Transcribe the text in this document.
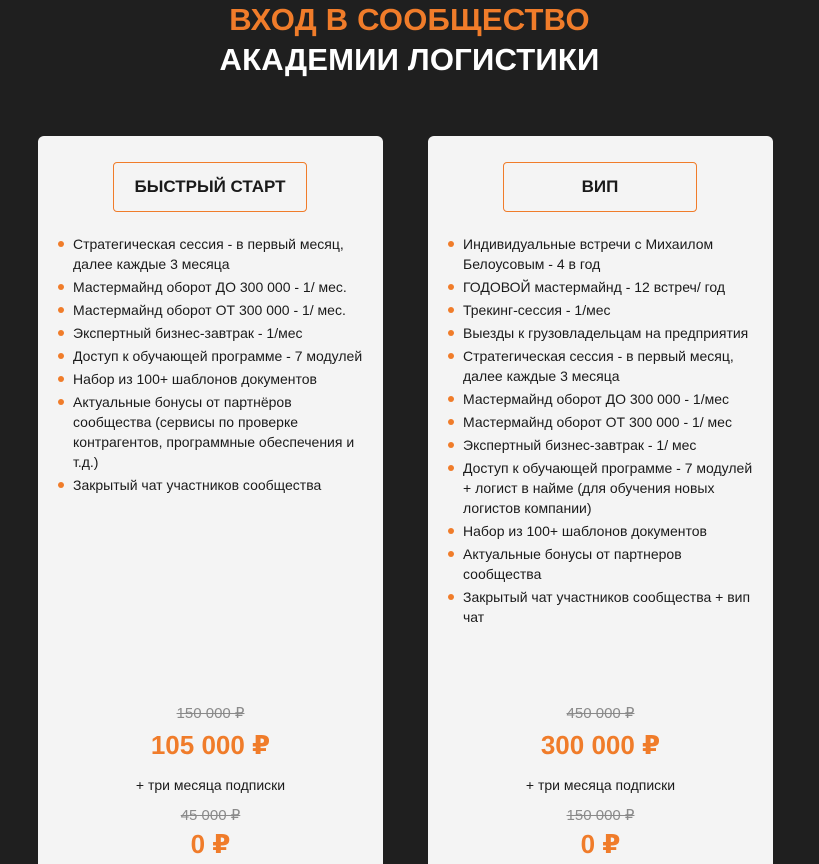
ВХОД В СООБЩЕСТВО
АКАДЕМИИ ЛОГИСТИКИ
БЫСТРЫЙ СТАРТ
Стратегическая сессия - в первый месяц, далее каждые 3 месяца
Мастермайнд оборот ДО 300 000 - 1/ мес.
Мастермайнд оборот ОТ 300 000 - 1/ мес.
Экспертный бизнес-завтрак - 1/мес
Доступ к обучающей программе - 7 модулей
Набор из 100+ шаблонов документов
Актуальные бонусы от партнёров сообщества (сервисы по проверке контрагентов, программные обеспечения и т.д.)
Закрытый чат участников сообщества
150 000 ₽
105 000 ₽
+ три месяца подписки
45 000 ₽
0 ₽
ВИП
Индивидуальные встречи с Михаилом Белоусовым - 4 в год
ГОДОВОЙ мастермайнд - 12 встреч/ год
Трекинг-сессия - 1/мес
Выезды к грузовладельцам на предприятия
Стратегическая сессия - в первый месяц, далее каждые 3 месяца
Мастермайнд оборот ДО 300 000 - 1/мес
Мастермайнд оборот ОТ 300 000 - 1/ мес
Экспертный бизнес-завтрак - 1/ мес
Доступ к обучающей программе - 7 модулей + логист в найме (для обучения новых логистов компании)
Набор из 100+ шаблонов документов
Актуальные бонусы от партнеров сообщества
Закрытый чат участников сообщества + вип чат
450 000 ₽
300 000 ₽
+ три месяца подписки
150 000 ₽
0 ₽
